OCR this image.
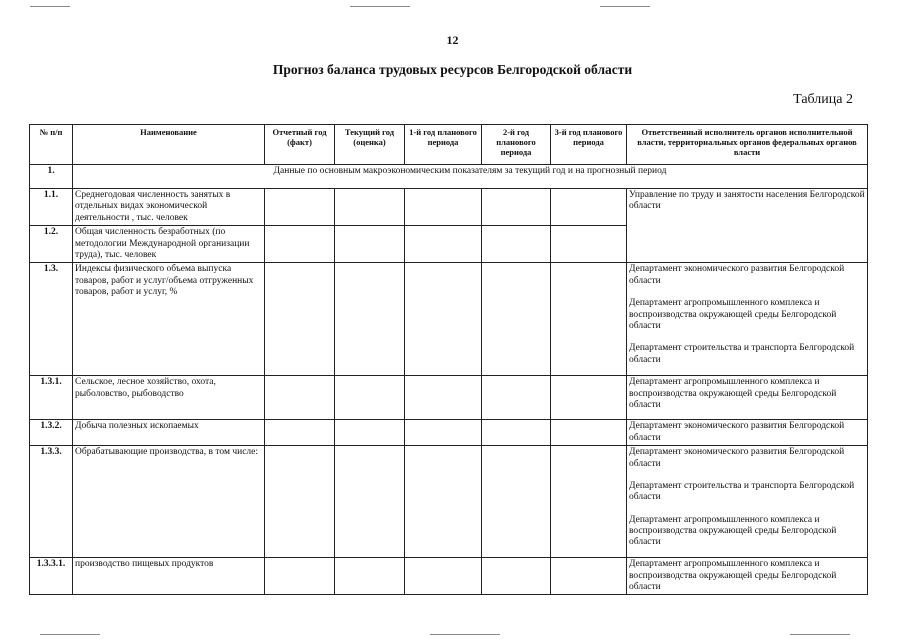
12
Прогноз баланса трудовых ресурсов Белгородской области
Таблица 2
№ п/п	Наименование	Отчетный год (факт)	Текущий год (оценка)	1-й год планового периода	2-й год планового периода	3-й год планового периода	Ответственный исполнитель органов исполнительной власти, территориальных органов федеральных органов власти
1.	Данные по основным макроэкономическим показателям за текущий год и на прогнозный период						
1.1.	Среднегодовая численность занятых в отдельных видах экономической деятельности , тыс. человек						Управление по труду и занятости населения Белгородской области

1.2.	Общая численность безработных (по методологии Международной организации труда), тыс. человек						
1.3.	Индексы физического объема выпуска товаров, работ и услуг/объема отгруженных товаров, работ и услуг, %						Департамент экономического развития Белгородской области

Департамент агропромышленного комплекса и воспроизводства окружающей среды Белгородской области

Департамент строительства и транспорта Белгородской области

1.3.1.	Сельское, лесное хозяйство, охота, рыболовство, рыбоводство						Департамент агропромышленного комплекса и воспроизводства окружающей среды Белгородской области

1.3.2.	Добыча полезных ископаемых						Департамент экономического развития Белгородской области

1.3.3.	Обрабатывающие производства, в том числе:						Департамент экономического развития Белгородской области

Департамент строительства и транспорта Белгородской области

Департамент агропромышленного комплекса и воспроизводства окружающей среды Белгородской области

1.3.3.1.	производство пищевых продуктов						Департамент агропромышленного комплекса и воспроизводства окружающей среды Белгородской области
